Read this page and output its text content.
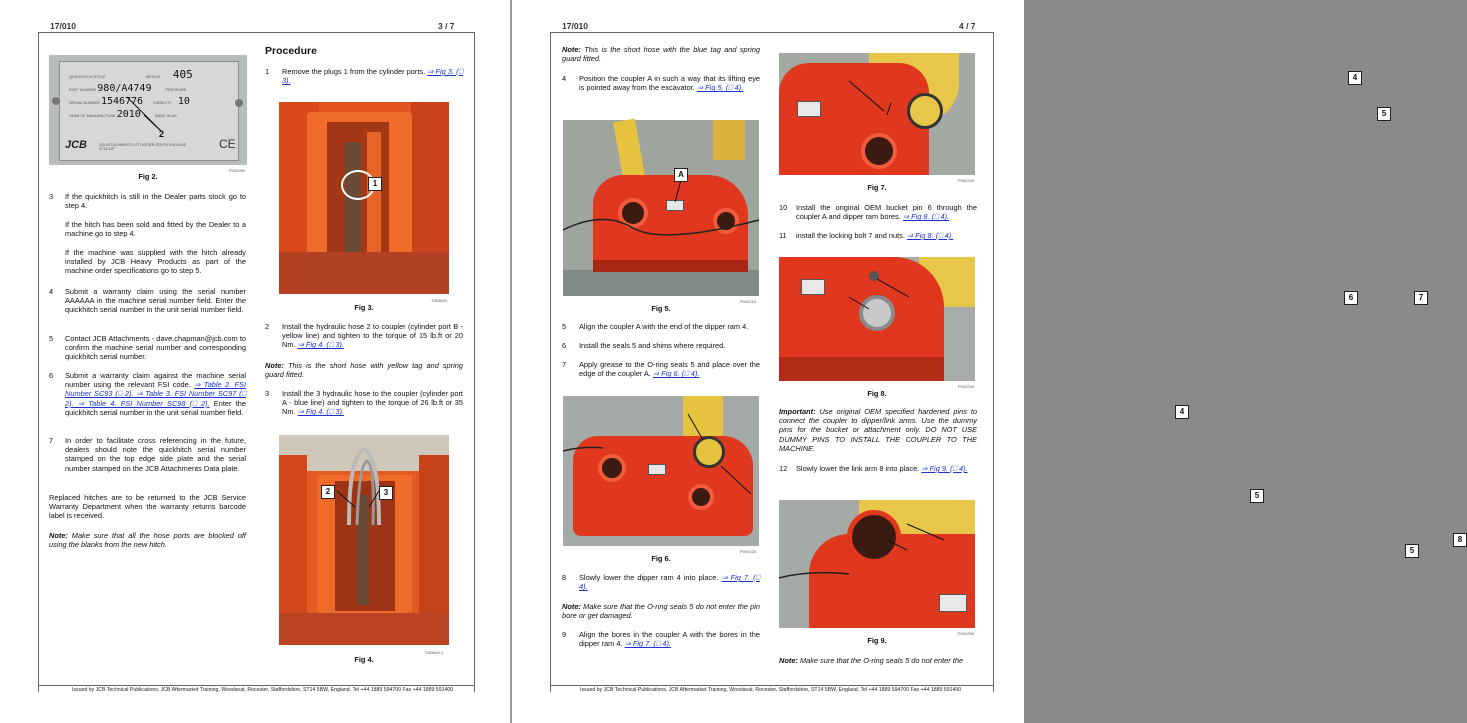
17/010	3 / 7
QUICKHITCH STYLE	WEIGHT 405
PART NUMBER 980/A4749	PRESSURE
SERIAL NUMBER 1546776	CAPACITY 10
YEAR OF MANUFACTURE 2010	MADE IN UK
JCB	JCB ATTACHMENTS UTTOXETER STAFFS ENGLAND ST14 5JP	CE
2
P002050
Fig 2.
3 If the quickhitch is still in the Dealer parts stock go to step 4.
If the hitch has been sold and fitted by the Dealer to a machine go to step 4.
If the machine was supplied with the hitch already installed by JCB Heavy Products as part of the machine order specifications go to step 5.
4 Submit a warranty claim using the serial number AAAAAA in the machine serial number field. Enter the quickhitch serial number in the unit serial number field.
5 Contact JCB Attachments - dave.chapman@jcb.com to confirm the machine serial number and corresponding quickhitch serial number.
6 Submit a warranty claim against the machine serial number using the relevant FSI code. ⇒ Table 2. FSI Number SC93 (⎕ 2). ⇒ Table 3. FSI Number SC97 (⎕ 2). ⇒ Table 4. FSI Number SC98 (⎕ 2). Enter the quickhitch serial number in the unit serial number field.
7 In order to facilitate cross referencing in the future, dealers should note the quickhitch serial number stamped on the top edge side plate and the serial number stamped on the JCB Attachments Data plate.
Replaced hitches are to be returned to the JCB Service Warranty Department when the warranty returns barcode label is received.
Note: Make sure that all the hose ports are blocked off using the blanks from the new hitch.
Procedure
1 Remove the plugs 1 from the cylinder ports. ⇒ Fig 3. (⎕ 3).
1
T063640
Fig 3.
2 Install the hydraulic hose 2 to coupler (cylinder port B - yellow line) and tighten to the torque of 15 lb.ft or 20 Nm. ⇒ Fig 4. (⎕ 3).
Note: This is the short hose with yellow tag and spring guard fitted.
3 Install the 3 hydraulic hose to the coupler (cylinder port A - blue line) and tighten to the torque of 26 lb.ft or 35 Nm. ⇒ Fig 4. (⎕ 3).
2	3
T063640-1
Fig 4.
Issued by JCB Technical Publications, JCB Aftermarket Training, Woodseat, Rocester, Staffordshire, ST14 5BW, England. Tel +44 1889 594700 Fax +44 1889 591400
17/010	4 / 7
Note: This is the short hose with the blue tag and spring guard fitted.
4 Position the coupler A in such a way that its lifting eye is pointed away from the excavator. ⇒ Fig 5. (⎕ 4).
A
P002210
Fig 5.
5 Align the coupler A with the end of the dipper ram 4.
6 Install the seals 5 and shims where required.
7 Apply grease to the O-ring seals 5 and place over the edge of the coupler A. ⇒ Fig 6. (⎕ 4).
4
5
P002220
Fig 6.
8 Slowly lower the dipper ram 4 into place. ⇒ Fig 7. (⎕ 4).
Note: Make sure that the O-ring seals 5 do not enter the pin bore or get damaged.
9 Align the bores in the coupler A with the bores in the dipper ram 4. ⇒ Fig 7. (⎕ 4).
4
5
P002230
Fig 7.
10 Install the original OEM bucket pin 6 through the coupler A and dipper ram bores. ⇒ Fig 8. (⎕ 4).
11 install the locking bolt 7 and nuts. ⇒ Fig 8. (⎕ 4).
6	7
P002240
Fig 8.
Important: Use original OEM specified hardened pins to connect the coupler to dipper/link arms. Use the dummy pins for the bucket or attachment only. DO NOT USE DUMMY PINS TO INSTALL THE COUPLER TO THE MACHINE.
12 Slowly lower the link arm 8 into place. ⇒ Fig 9. (⎕ 4).
8
5
P002250
Fig 9.
Note: Make sure that the O-ring seals 5 do not enter the
Issued by JCB Technical Publications, JCB Aftermarket Training, Woodseat, Rocester, Staffordshire, ST14 5BW, England. Tel +44 1889 594700 Fax +44 1889 591400
